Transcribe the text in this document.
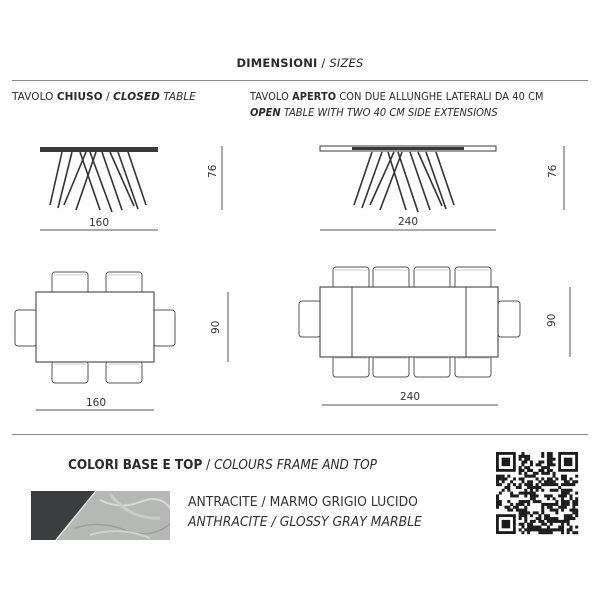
DIMENSIONI / SIZES
TAVOLO CHIUSO / CLOSED TABLE	TAVOLO APERTO CON DUE ALLUNGHE LATERALI DA 40 CM
OPEN TABLE WITH TWO 40 CM SIDE EXTENSIONS
160
76
240
76
160
90
240
90
COLORI BASE E TOP / COLOURS FRAME AND TOP
ANTRACITE / MARMO GRIGIO LUCIDO
ANTHRACITE / GLOSSY GRAY MARBLE
